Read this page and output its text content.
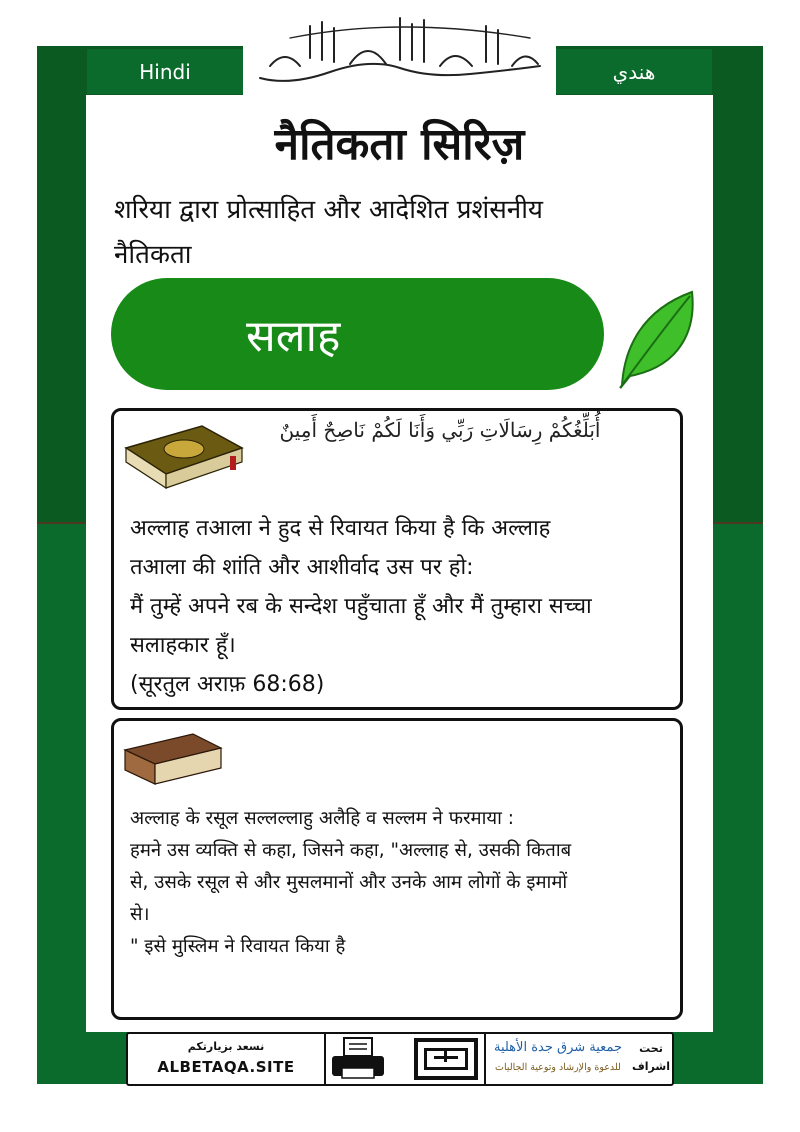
Hindi	هندي
नैतिकता सिरिज़
शरिया द्वारा प्रोत्साहित और आदेशित प्रशंसनीय
नैतिकता
सलाह
أُبَلِّغُكُمْ رِسَالَاتِ رَبِّي وَأَنَا لَكُمْ نَاصِحٌ أَمِينٌ
अल्लाह तआला ने हुद से रिवायत किया है कि अल्लाह
तआला की शांति और आशीर्वाद उस पर हो:
मैं तुम्हें अपने रब के सन्देश पहुँचाता हूँ और मैं तुम्हारा सच्चा
सलाहकार हूँ।
(सूरतुल अराफ़ 68:68)
अल्लाह के रसूल सल्लल्लाहु अलैहि व सल्लम ने फरमाया :
हमने उस व्यक्ति से कहा, जिसने कहा, "अल्लाह से, उसकी किताब
से, उसके रसूल से और मुसलमानों और उनके आम लोगों के इमामों
से।
" इसे मुस्लिम ने रिवायत किया है
نسعد بزيارتكم
ALBETAQA.SITE
جمعية شرق جدة الأهلية
للدعوة والإرشاد وتوعية الجاليات
تحت
اشراف
